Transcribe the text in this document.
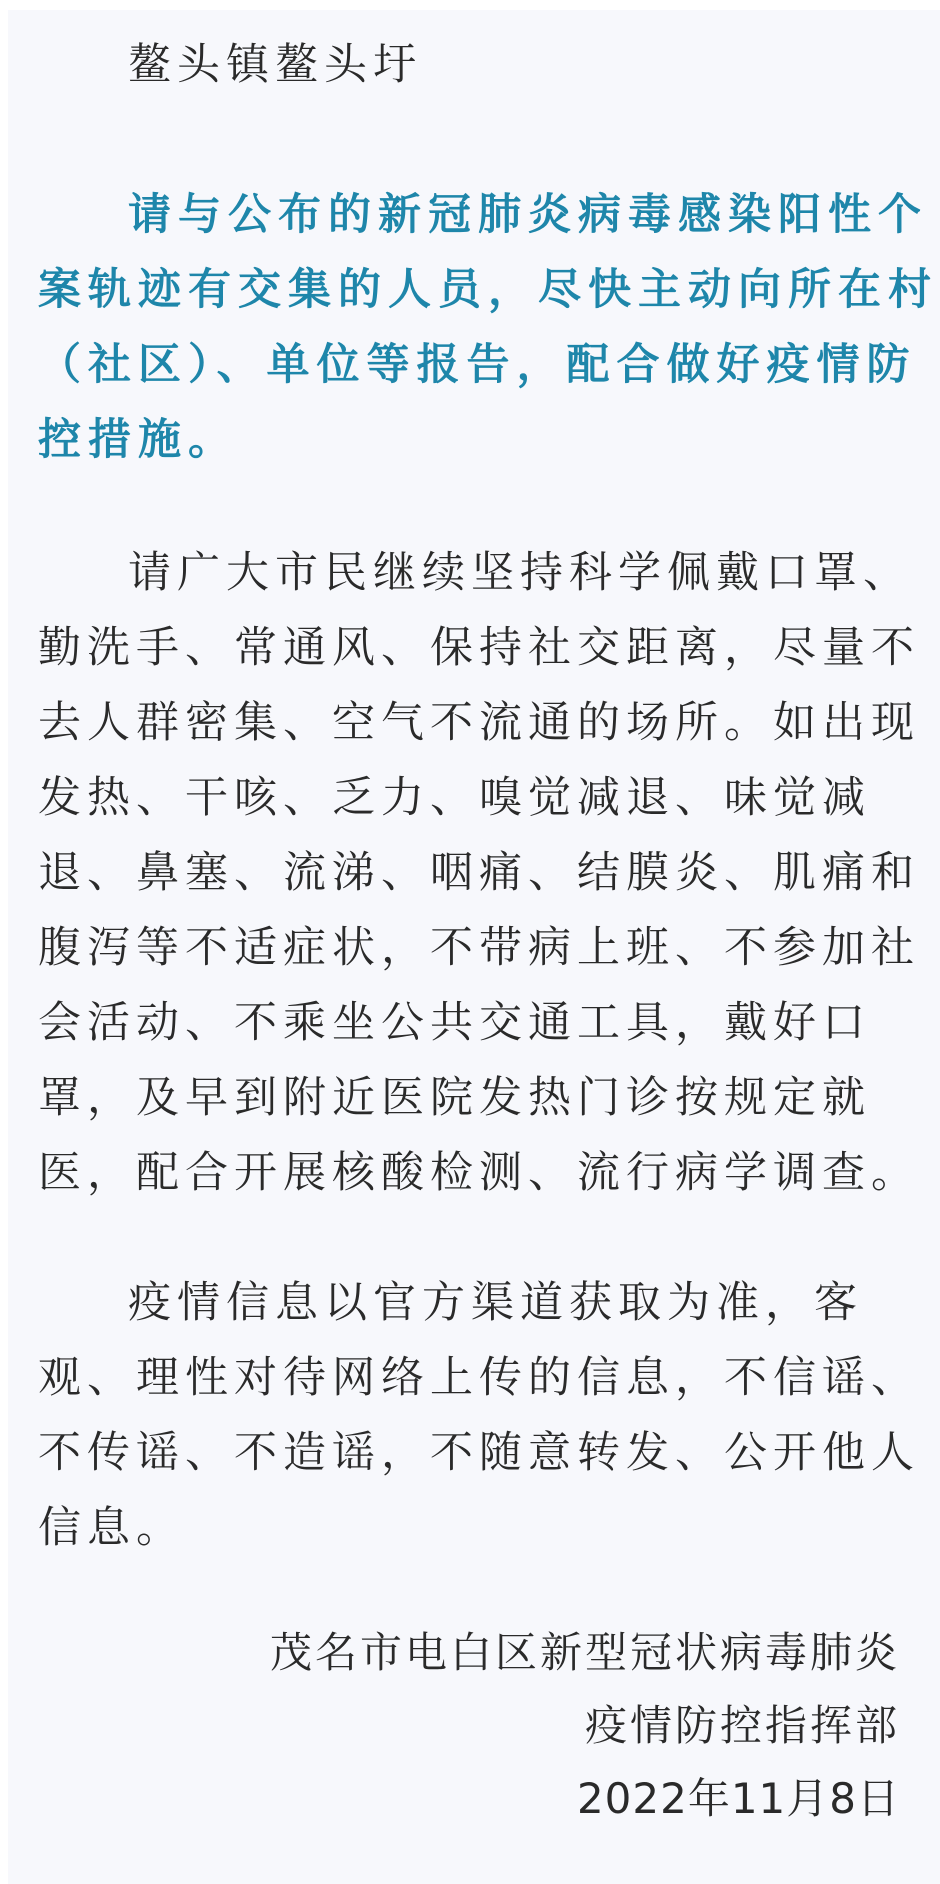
鳌头镇鳌头圩
请与公布的新冠肺炎病毒感染阳性个
案轨迹有交集的人员，尽快主动向所在村
（社区）、单位等报告，配合做好疫情防
控措施。
请广大市民继续坚持科学佩戴口罩、
勤洗手、常通风、保持社交距离，尽量不
去人群密集、空气不流通的场所。如出现
发热、干咳、乏力、嗅觉减退、味觉减
退、鼻塞、流涕、咽痛、结膜炎、肌痛和
腹泻等不适症状，不带病上班、不参加社
会活动、不乘坐公共交通工具，戴好口
罩，及早到附近医院发热门诊按规定就
医，配合开展核酸检测、流行病学调查。
疫情信息以官方渠道获取为准，客
观、理性对待网络上传的信息，不信谣、
不传谣、不造谣，不随意转发、公开他人
信息。
茂名市电白区新型冠状病毒肺炎
疫情防控指挥部
2022年11月8日
